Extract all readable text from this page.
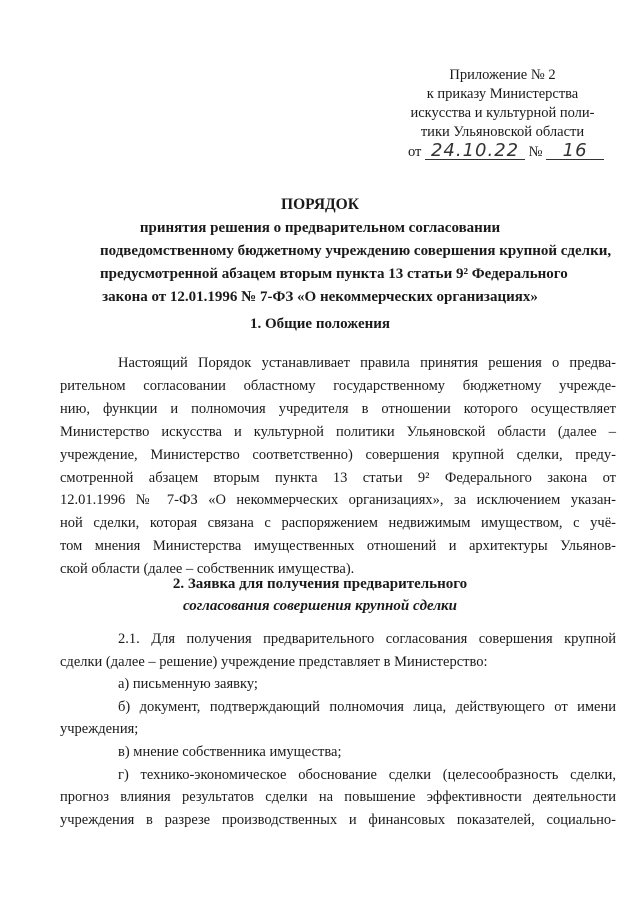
Приложение № 2
к приказу Министерства
искусства и культурной поли-
тики Ульяновской области
от 24.10.22 № 16
ПОРЯДОК
принятия решения о предварительном согласовании
подведомственному бюджетному учреждению совершения крупной сделки,
предусмотренной абзацем вторым пункта 13 статьи 9² Федерального
закона от 12.01.1996 № 7-ФЗ «О некоммерческих организациях»
1. Общие положения
Настоящий Порядок устанавливает правила принятия решения о предва-
рительном согласовании областному государственному бюджетному учрежде-
нию, функции и полномочия учредителя в отношении которого осуществляет
Министерство искусства и культурной политики Ульяновской области (далее –
учреждение, Министерство соответственно) совершения крупной сделки, преду-
смотренной абзацем вторым пункта 13 статьи 9² Федерального закона от
12.01.1996 № 7-ФЗ «О некоммерческих организациях», за исключением указан-
ной сделки, которая связана с распоряжением недвижимым имуществом, с учё-
том мнения Министерства имущественных отношений и архитектуры Ульянов-
ской области (далее – собственник имущества).
2. Заявка для получения предварительного
согласования совершения крупной сделки
2.1. Для получения предварительного согласования совершения крупной
сделки (далее – решение) учреждение представляет в Министерство:
а) письменную заявку;
б) документ, подтверждающий полномочия лица, действующего от имени
учреждения;
в) мнение собственника имущества;
г) технико-экономическое обоснование сделки (целесообразность сделки,
прогноз влияния результатов сделки на повышение эффективности деятельности
учреждения в разрезе производственных и финансовых показателей, социально-
